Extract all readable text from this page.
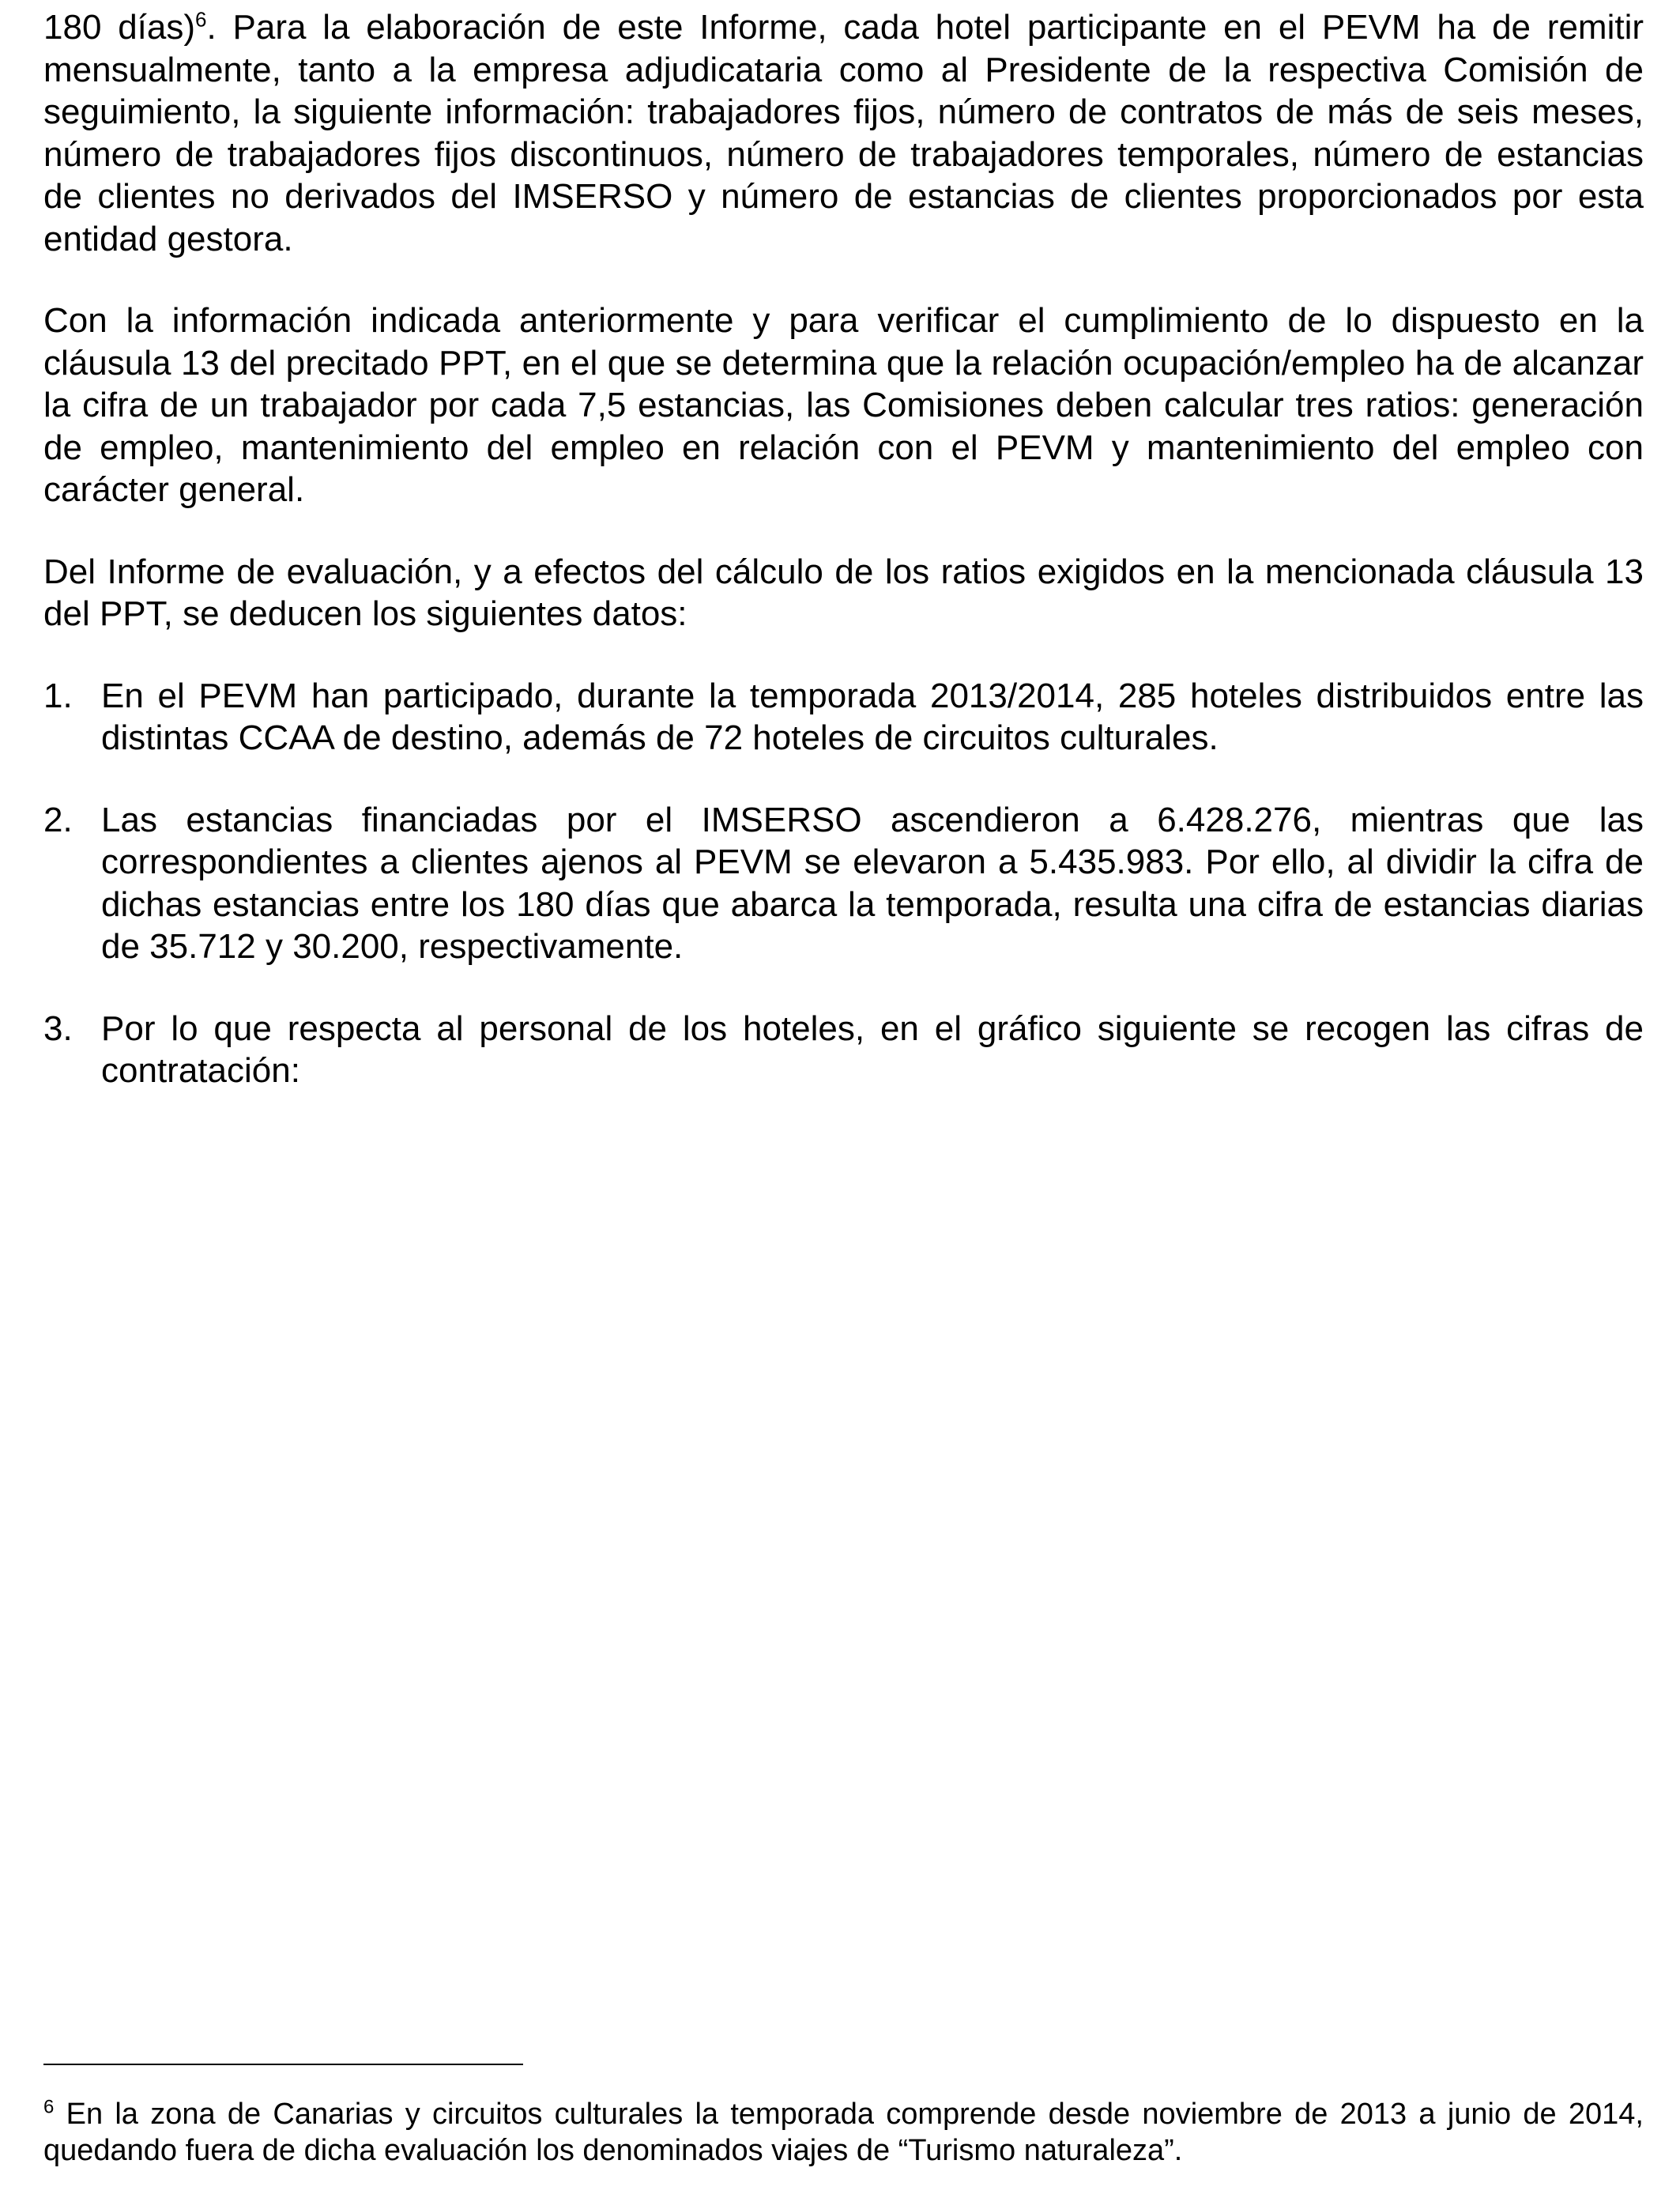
180 días)$^6$. Para la elaboración de este Informe, cada hotel participante en el PEVM ha de remitir mensualmente, tanto a la empresa adjudicataria como al Presidente de la respectiva Comisión de seguimiento, la siguiente información: trabajadores fijos, número de contratos de más de seis meses, número de trabajadores fijos discontinuos, número de trabajadores temporales, número de estancias de clientes no derivados del IMSERSO y número de estancias de clientes proporcionados por esta entidad gestora.

Con la información indicada anteriormente y para verificar el cumplimiento de lo dispuesto en la cláusula 13 del precitado PPT, en el que se determina que la relación ocupación/empleo ha de alcanzar la cifra de un trabajador por cada 7,5 estancias, las Comisiones deben calcular tres ratios: generación de empleo, mantenimiento del empleo en relación con el PEVM y mantenimiento del empleo con carácter general.

Del Informe de evaluación, y a efectos del cálculo de los ratios exigidos en la mencionada cláusula 13 del PPT, se deducen los siguientes datos:

1. En el PEVM han participado, durante la temporada 2013/2014, 285 hoteles distribuidos entre las distintas CCAA de destino, además de 72 hoteles de circuitos culturales.
2. Las estancias financiadas por el IMSERSO ascendieron a 6.428.276, mientras que las correspondientes a clientes ajenos al PEVM se elevaron a 5.435.983. Por ello, al dividir la cifra de dichas estancias entre los 180 días que abarca la temporada, resulta una cifra de estancias diarias de 35.712 y 30.200, respectivamente.
3. Por lo que respecta al personal de los hoteles, en el gráfico siguiente se recogen las cifras de contratación:

$^6$ En la zona de Canarias y circuitos culturales la temporada comprende desde noviembre de 2013 a junio de 2014, quedando fuera de dicha evaluación los denominados viajes de “Turismo naturaleza”.
